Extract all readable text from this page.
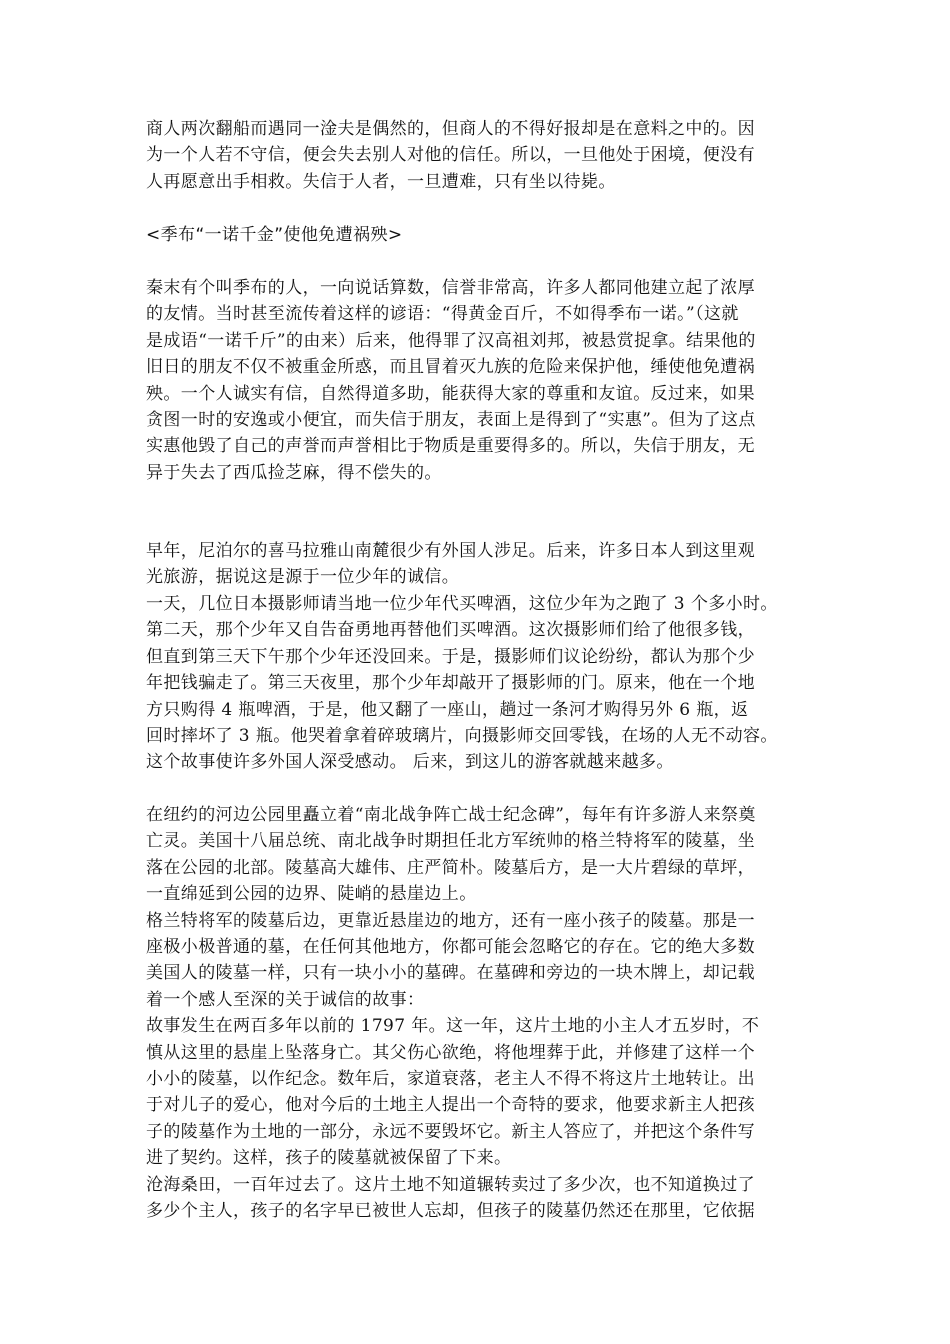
商人两次翻船而遇同一淦夫是偶然的，但商人的不得好报却是在意料之中的。因
为一个人若不守信，便会失去别人对他的信任。所以，一旦他处于困境，便没有
人再愿意出手相救。失信于人者，一旦遭难，只有坐以待毙。
<季布“一诺千金”使他免遭祸殃>
秦末有个叫季布的人，一向说话算数，信誉非常高，许多人都同他建立起了浓厚
的友情。当时甚至流传着这样的谚语：“得黄金百斤，不如得季布一诺。”（这就
是成语“一诺千斤”的由来）后来，他得罪了汉高祖刘邦，被悬赏捉拿。结果他的
旧日的朋友不仅不被重金所惑，而且冒着灭九族的危险来保护他，缍使他免遭祸
殃。一个人诚实有信，自然得道多助，能获得大家的尊重和友谊。反过来，如果
贪图一时的安逸或小便宜，而失信于朋友，表面上是得到了“实惠”。但为了这点
实惠他毁了自己的声誉而声誉相比于物质是重要得多的。所以，失信于朋友，无
异于失去了西瓜捡芝麻，得不偿失的。
早年，尼泊尔的喜马拉雅山南麓很少有外国人涉足。后来，许多日本人到这里观
光旅游，据说这是源于一位少年的诚信。
一天，几位日本摄影师请当地一位少年代买啤酒，这位少年为之跑了 3 个多小时。
第二天，那个少年又自告奋勇地再替他们买啤酒。这次摄影师们给了他很多钱，
但直到第三天下午那个少年还没回来。于是，摄影师们议论纷纷，都认为那个少
年把钱骗走了。第三天夜里，那个少年却敲开了摄影师的门。原来，他在一个地
方只购得 4 瓶啤酒，于是，他又翻了一座山，趟过一条河才购得另外 6 瓶，返
回时摔坏了 3 瓶。他哭着拿着碎玻璃片，向摄影师交回零钱，在场的人无不动容。
这个故事使许多外国人深受感动。 后来，到这儿的游客就越来越多。
在纽约的河边公园里矗立着“南北战争阵亡战士纪念碑”，每年有许多游人来祭奠
亡灵。美国十八届总统、南北战争时期担任北方军统帅的格兰特将军的陵墓，坐
落在公园的北部。陵墓高大雄伟、庄严简朴。陵墓后方，是一大片碧绿的草坪，
一直绵延到公园的边界、陡峭的悬崖边上。
格兰特将军的陵墓后边，更靠近悬崖边的地方，还有一座小孩子的陵墓。那是一
座极小极普通的墓，在任何其他地方，你都可能会忽略它的存在。它的绝大多数
美国人的陵墓一样，只有一块小小的墓碑。在墓碑和旁边的一块木牌上，却记载
着一个感人至深的关于诚信的故事：
故事发生在两百多年以前的 1797 年。这一年，这片土地的小主人才五岁时，不
慎从这里的悬崖上坠落身亡。其父伤心欲绝，将他埋葬于此，并修建了这样一个
小小的陵墓，以作纪念。数年后，家道衰落，老主人不得不将这片土地转让。出
于对儿子的爱心，他对今后的土地主人提出一个奇特的要求，他要求新主人把孩
子的陵墓作为土地的一部分，永远不要毁坏它。新主人答应了，并把这个条件写
进了契约。这样，孩子的陵墓就被保留了下来。
沧海桑田，一百年过去了。这片土地不知道辗转卖过了多少次，也不知道换过了
多少个主人，孩子的名字早已被世人忘却，但孩子的陵墓仍然还在那里，它依据
